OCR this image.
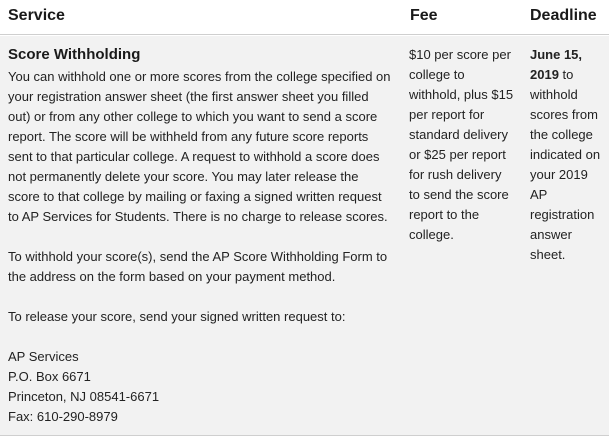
Service	Fee	Deadline
Score Withholding
You can withhold one or more scores from the college specified on
your registration answer sheet (the first answer sheet you filled
out) or from any other college to which you want to send a score
report. The score will be withheld from any future score reports
sent to that particular college. A request to withhold a score does
not permanently delete your score. You may later release the
score to that college by mailing or faxing a signed written request
to AP Services for Students. There is no charge to release scores.
To withhold your score(s), send the AP Score Withholding Form to
the address on the form based on your payment method.
To release your score, send your signed written request to:
AP Services
P.O. Box 6671
Princeton, NJ 08541-6671
Fax: 610-290-8979
$10 per score per
college to
withhold, plus $15
per report for
standard delivery
or $25 per report
for rush delivery
to send the score
report to the
college.
June 15,
2019 to
withhold
scores from
the college
indicated on
your 2019
AP
registration
answer
sheet.
